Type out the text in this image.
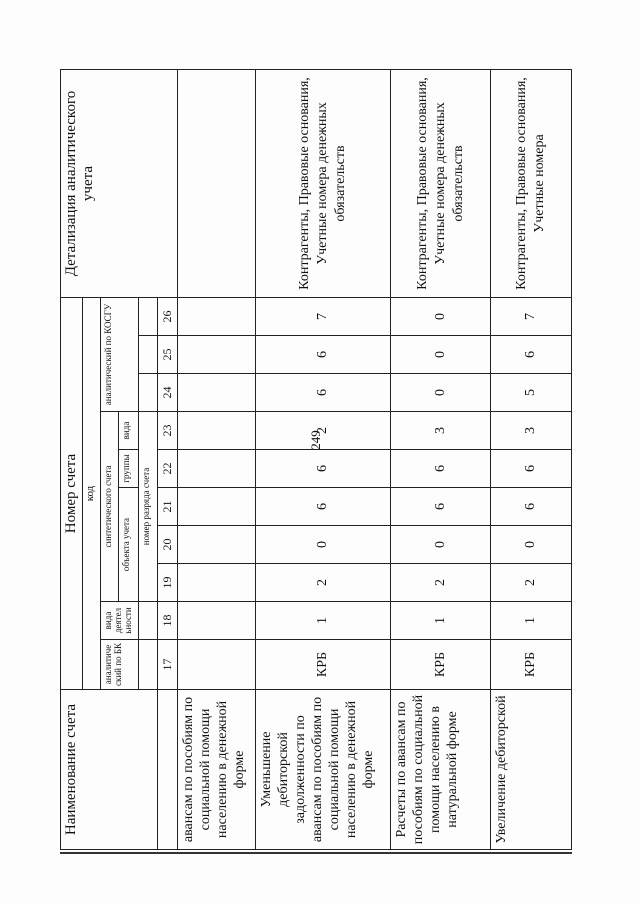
249
Наименование счета	Номер счета										Детализация аналитического учета
	код										
	аналитиче ский по БК	вида деятел ьности	синтетического счета					аналитический по КОСГУ			
			объекта учета			группы	вида				
			номер разряда счета								
	17	18	19	20	21	22	23	24	25	26	
авансам по пособиям по социальной помощи населению в денежной форме											
Уменьшение дебиторской задолженности по авансам по пособиям по социальной помощи населению в денежной форме	КРБ	1	2	0	6	6	2	6	6	7	Контрагенты, Правовые основания, Учетные номера денежных обязательств
Расчеты по авансам по пособиям по социальной помощи населению в натуральной форме	КРБ	1	2	0	6	6	3	0	0	0	Контрагенты, Правовые основания, Учетные номера денежных обязательств
Увеличение дебиторской	КРБ	1	2	0	6	6	3	5	6	7	Контрагенты, Правовые основания, Учетные номера
